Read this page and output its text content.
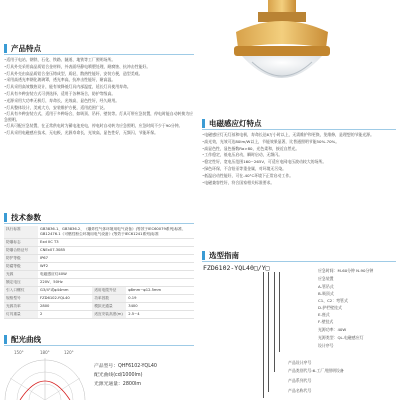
产品特点

• 适用于电站、钢铁、石化、铁路、隧道、地铁等工厂照明场所。

• 灯具外壳采用高品质铝合金材料，外表面经静电喷塑处理，耐腐蚀、抗冲击性能好。

• 灯具外壳由高品质铝合金压铸成型，质轻，散热性能好，安装方便，造型美观。

• 采用高透光率钢化玻璃罩，透光率高，抗冲击性能好，耐高温。

• 灯具采用高效散热设计，能有效降低灯具内部温度，延长灯具使用寿命。

• 灯具有多种安装方式可供选择，适用于各种场合，防护等级高。

• 光源采用大功率无极灯，寿命长，光效高，显色性好，经久耐用。

• 灯具整体设计，美观大方，安装维护方便，适用范围广泛。

• 灯具有多种安装方式，适用于多种场合，如吸顶、吊杆、壁装等。灯具可带应急装置，停电时能自动转换为应急照明。

• 灯具可配应急装置，在正常供电时为蓄电池充电，停电时自动转为应急照明，应急时间不少于90分钟。

• 灯具采用电磁感应技术，无电极，光源寿命长，光效高，显色性好，无频闪，节能环保。

电磁感应灯特点

• 电磁感应灯无灯丝和电极，寿命长达6万小时以上，无需维护和更换，免维修，是理想的节能光源。

• 高光效，光效可达80lm/W以上，节能效果显著，比普通照明节能50%-70%。

• 高显色性，显色指数Ra>80，光色柔和，接近自然光。

• 工作稳定，低电压启动，瞬时启动，无频闪。

• 稳定性好，宽电压范围160~265V，可适应电网电压波动较大的场所。

• 绿色环保，不含铅汞等重金属，对环境无污染。

• 低温启动性能好，可在-40°C环境下正常启动工作。

• 电磁兼容性好，符合国家相关标准要求。

技术参数
执行标准	GB3836.1、GB3836.2、《爆炸性气体环境用电气设备》(等效于IEC60079系列)标准、GB12476.1《可燃性粉尘环境用电气设备》(等效于IEC61241系列)标准		
防爆标志	Exd IIC T3		
防爆合格证号	CNEx07.3085		
防护等级	IP67		
防腐等级	WF2		
光源	电磁感应灯40W		
额定电压	220V、50Hz		
引入口螺纹	G3/4"或φ44mm	适用电缆外径	φ8mm~φ12.5mm
规格型号	FZD6102-YQL40	功率因数	0.19
光源功率	2800	模拟光通量	3400
灯具重量	2	适宜安装高度(m)	2.5~4
选型指南
FZD6102-YQL40□/Y□	应急时间：M-60分钟 N-90分钟
应急装置
A-管吊式
B-吸顶式
C1、C2：弯管式
D-护栏壁挂式
E-座式
F-壁挂式
光源功率：40W
光源类型：QL-电磁感应灯
设计序号
产品设计序号
产品类别代号:6-工厂用照明设备
产品系列代号
产品名称代号
配光曲线
150°	180°	120°
产品型号：QHF6102-YQL40
配光曲线(cd/1000lm)
光源光通量：2800lm
